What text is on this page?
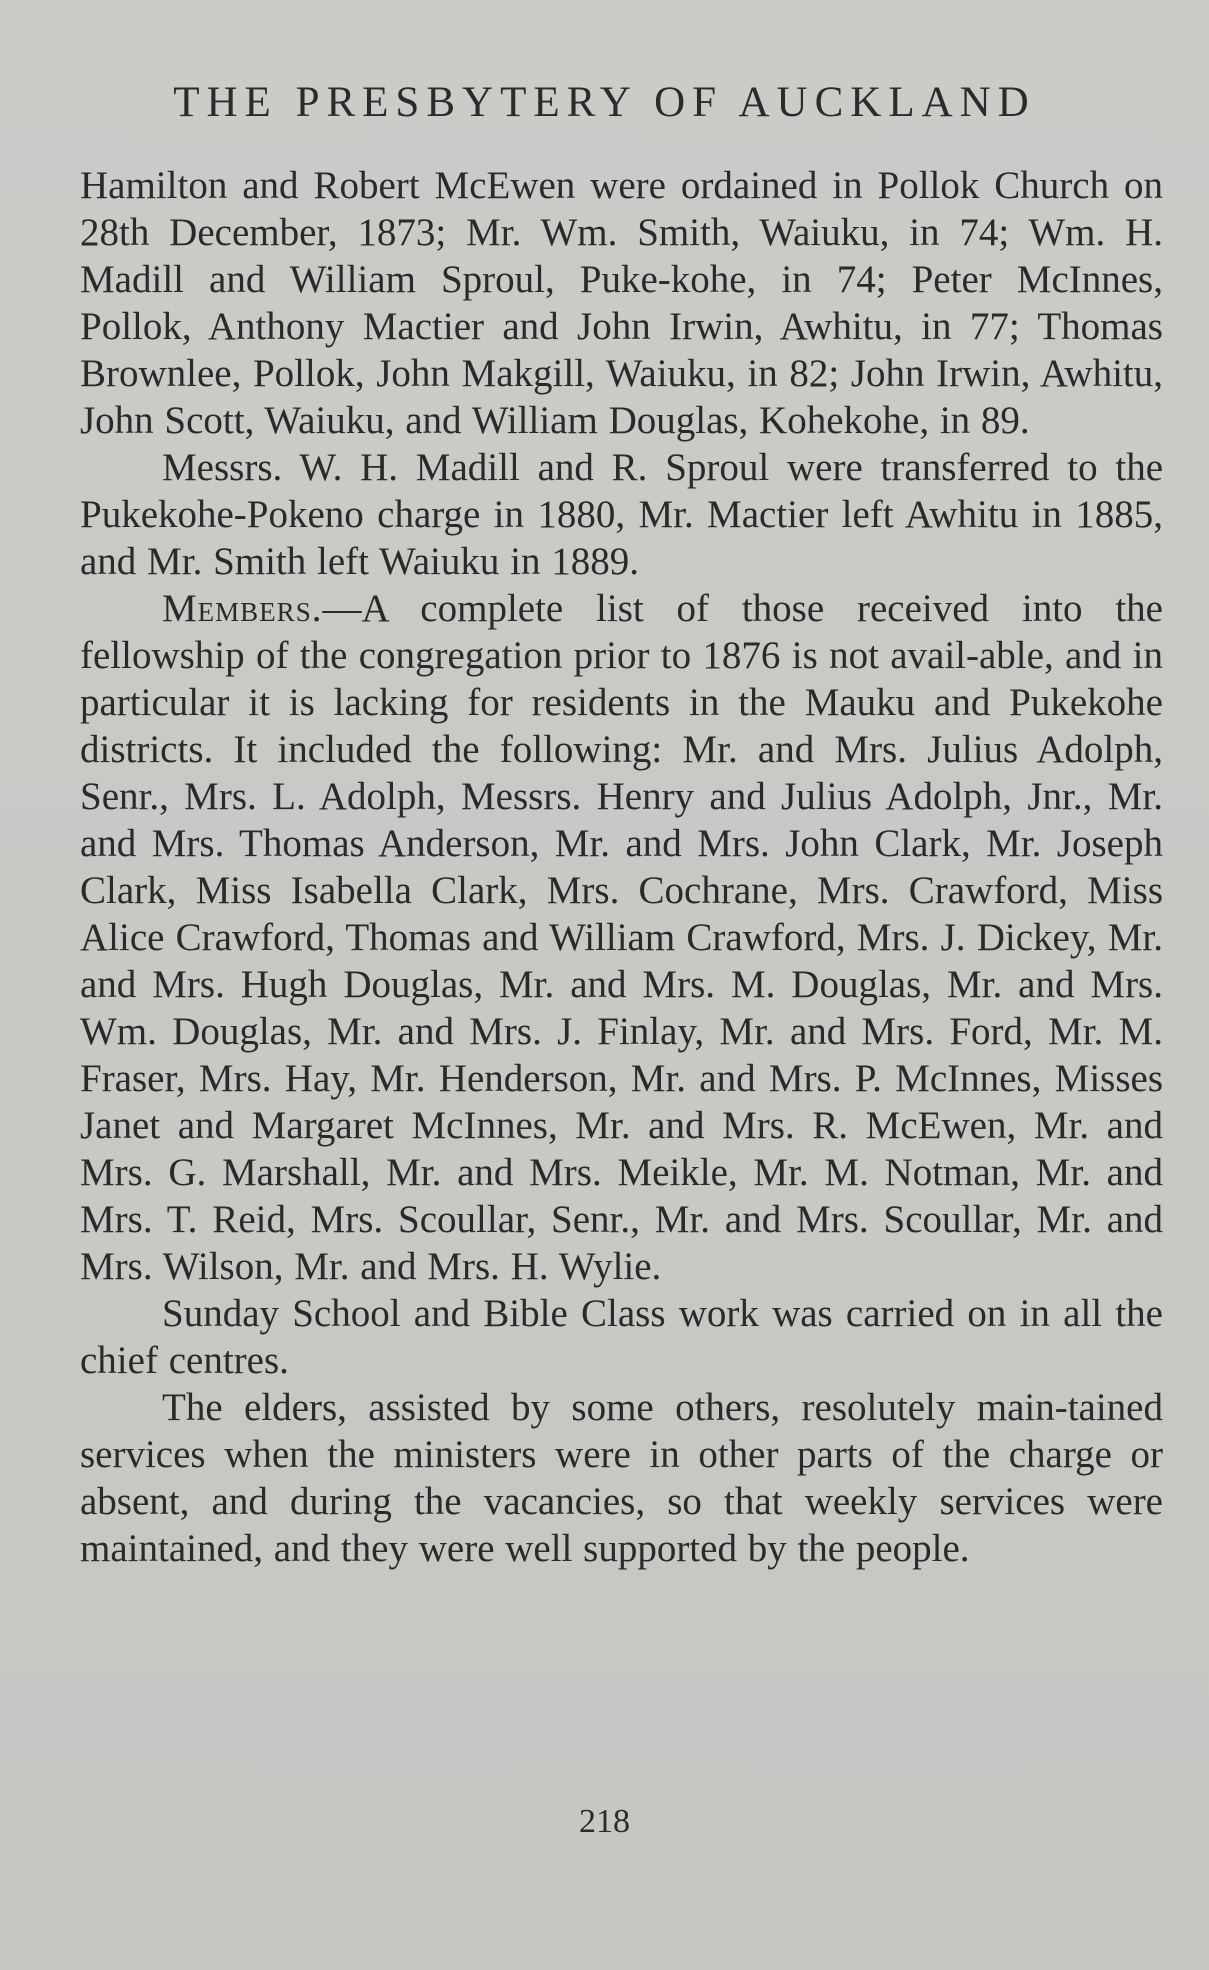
THE PRESBYTERY OF AUCKLAND

Hamilton and Robert McEwen were ordained in Pollok Church on 28th December, 1873; Mr. Wm. Smith, Waiuku, in 74; Wm. H. Madill and William Sproul, Puke-kohe, in 74; Peter McInnes, Pollok, Anthony Mactier and John Irwin, Awhitu, in 77; Thomas Brownlee, Pollok, John Makgill, Waiuku, in 82; John Irwin, Awhitu, John Scott, Waiuku, and William Douglas, Kohekohe, in 89.

Messrs. W. H. Madill and R. Sproul were transferred to the Pukekohe-Pokeno charge in 1880, Mr. Mactier left Awhitu in 1885, and Mr. Smith left Waiuku in 1889.

Members.—A complete list of those received into the fellowship of the congregation prior to 1876 is not avail-able, and in particular it is lacking for residents in the Mauku and Pukekohe districts. It included the following: Mr. and Mrs. Julius Adolph, Senr., Mrs. L. Adolph, Messrs. Henry and Julius Adolph, Jnr., Mr. and Mrs. Thomas Anderson, Mr. and Mrs. John Clark, Mr. Joseph Clark, Miss Isabella Clark, Mrs. Cochrane, Mrs. Crawford, Miss Alice Crawford, Thomas and William Crawford, Mrs. J. Dickey, Mr. and Mrs. Hugh Douglas, Mr. and Mrs. M. Douglas, Mr. and Mrs. Wm. Douglas, Mr. and Mrs. J. Finlay, Mr. and Mrs. Ford, Mr. M. Fraser, Mrs. Hay, Mr. Henderson, Mr. and Mrs. P. McInnes, Misses Janet and Margaret McInnes, Mr. and Mrs. R. McEwen, Mr. and Mrs. G. Marshall, Mr. and Mrs. Meikle, Mr. M. Notman, Mr. and Mrs. T. Reid, Mrs. Scoullar, Senr., Mr. and Mrs. Scoullar, Mr. and Mrs. Wilson, Mr. and Mrs. H. Wylie.

Sunday School and Bible Class work was carried on in all the chief centres.

The elders, assisted by some others, resolutely main-tained services when the ministers were in other parts of the charge or absent, and during the vacancies, so that weekly services were maintained, and they were well supported by the people.

218
